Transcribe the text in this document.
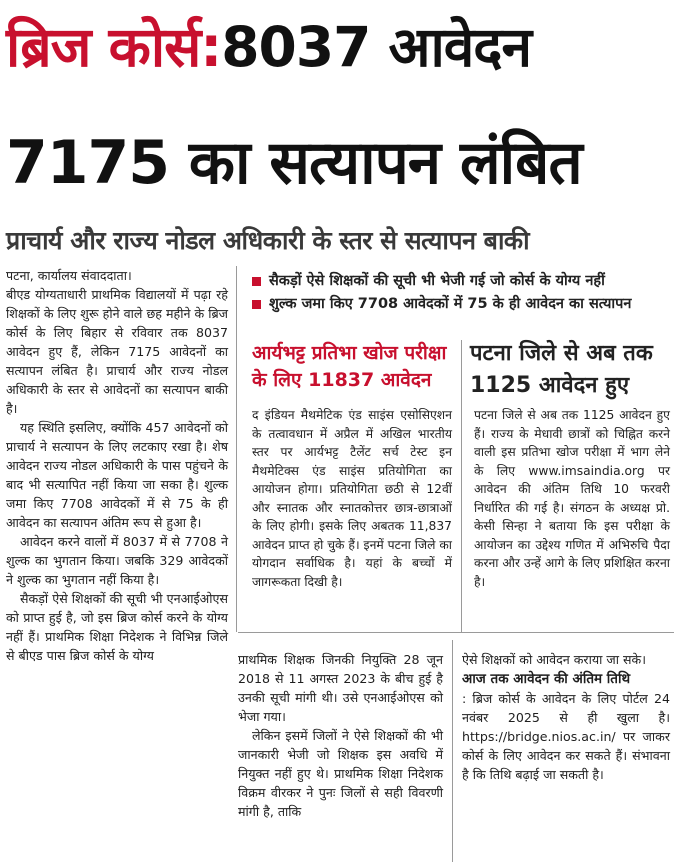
ब्रिज कोर्स:8037 आवेदन
7175 का सत्यापन लंबित
प्राचार्य और राज्य नोडल अधिकारी के स्तर से सत्यापन बाकी

पटना, कार्यालय संवाददाता।

बीएड योग्यताधारी प्राथमिक विद्यालयों में पढ़ा रहे शिक्षकों के लिए शुरू होने वाले छह महीने के ब्रिज कोर्स के लिए बिहार से रविवार तक 8037 आवेदन हुए हैं, लेकिन 7175 आवेदनों का सत्यापन लंबित है। प्राचार्य और राज्य नोडल अधिकारी के स्तर से आवेदनों का सत्यापन बाकी है।

यह स्थिति इसलिए, क्योंकि 457 आवेदनों को प्राचार्य ने सत्यापन के लिए लटकाए रखा है। शेष आवेदन राज्य नोडल अधिकारी के पास पहुंचने के बाद भी सत्यापित नहीं किया जा सका है। शुल्क जमा किए 7708 आवेदकों में से 75 के ही आवेदन का सत्यापन अंतिम रूप से हुआ है।

आवेदन करने वालों में 8037 में से 7708 ने शुल्क का भुगतान किया। जबकि 329 आवेदकों ने शुल्क का भुगतान नहीं किया है।

सैकड़ों ऐसे शिक्षकों की सूची भी एनआईओएस को प्राप्त हुई है, जो इस ब्रिज कोर्स करने के योग्य नहीं हैं। प्राथमिक शिक्षा निदेशक ने विभिन्न जिले से बीएड पास ब्रिज कोर्स के योग्य

सैकड़ों ऐसे शिक्षकों की सूची भी भेजी गई जो कोर्स के योग्य नहीं
शुल्क जमा किए 7708 आवेदकों में 75 के ही आवेदन का सत्यापन
आर्यभट्ट प्रतिभा खोज परीक्षा
के लिए 11837 आवेदन
द इंडियन मैथमेटिक एंड साइंस एसोसिएशन के तत्वावधान में अप्रैल में अखिल भारतीय स्तर पर आर्यभट्ट टैलेंट सर्च टेस्ट इन मैथमेटिक्स एंड साइंस प्रतियोगिता का आयोजन होगा। प्रतियोगिता छठी से 12वीं और स्नातक और स्नातकोत्तर छात्र-छात्राओं के लिए होगी। इसके लिए अबतक 11,837 आवेदन प्राप्त हो चुके हैं। इनमें पटना जिले का योगदान सर्वाधिक है। यहां के बच्चों में जागरूकता दिखी है।
पटना जिले से अब तक
1125 आवेदन हुए
पटना जिले से अब तक 1125 आवेदन हुए हैं। राज्य के मेधावी छात्रों को चिह्नित करने वाली इस प्रतिभा खोज परीक्षा में भाग लेने के लिए www.imsaindia.org पर आवेदन की अंतिम तिथि 10 फरवरी निर्धारित की गई है। संगठन के अध्यक्ष प्रो. केसी सिन्हा ने बताया कि इस परीक्षा के आयोजन का उद्देश्य गणित में अभिरुचि पैदा करना और उन्हें आगे के लिए प्रशिक्षित करना है।

प्राथमिक शिक्षक जिनकी नियुक्ति 28 जून 2018 से 11 अगस्त 2023 के बीच हुई है उनकी सूची मांगी थी। उसे एनआईओएस को भेजा गया।

लेकिन इसमें जिलों ने ऐसे शिक्षकों की भी जानकारी भेजी जो शिक्षक इस अवधि में नियुक्त नहीं हुए थे। प्राथमिक शिक्षा निदेशक विक्रम वीरकर ने पुनः जिलों से सही विवरणी मांगी है, ताकि

ऐसे शिक्षकों को आवेदन कराया जा सके।

आज तक आवेदन की अंतिम तिथि

: ब्रिज कोर्स के आवेदन के लिए पोर्टल 24 नवंबर 2025 से ही खुला है। https://bridge.nios.ac.in/ पर जाकर कोर्स के लिए आवेदन कर सकते हैं। संभावना है कि तिथि बढ़ाई जा सकती है।
